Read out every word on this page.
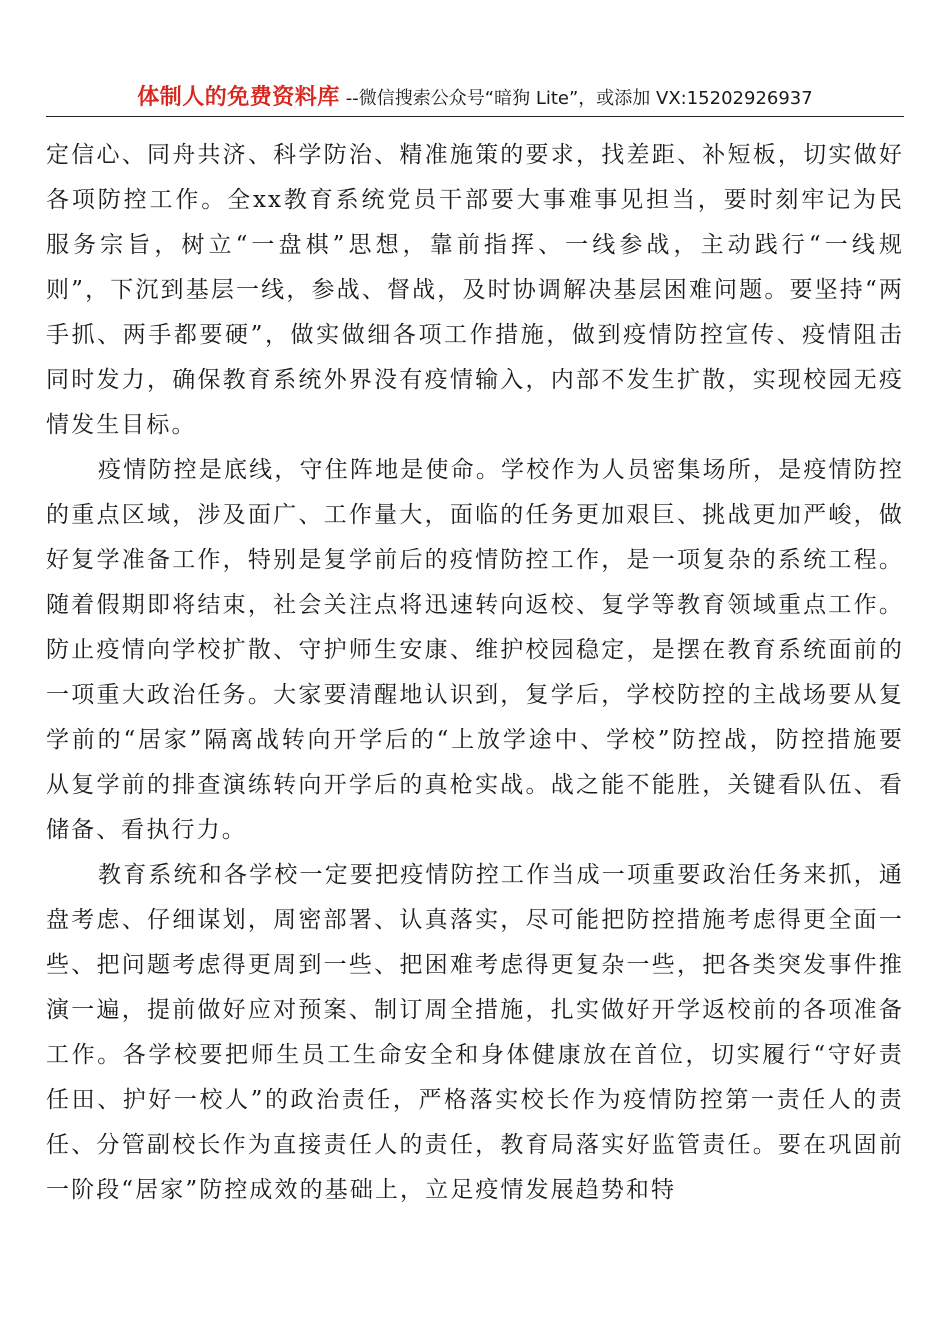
体制人的免费资料库 --微信搜索公众号“暗狗 Lite”，或添加 VX:15202926937

定信心、同舟共济、科学防治、精准施策的要求，找差距、补短板，切实做好各项防控工作。全xx教育系统党员干部要大事难事见担当，要时刻牢记为民服务宗旨，树立“一盘棋”思想，靠前指挥、一线参战，主动践行“一线规则”，下沉到基层一线，参战、督战，及时协调解决基层困难问题。要坚持“两手抓、两手都要硬”，做实做细各项工作措施，做到疫情防控宣传、疫情阻击同时发力，确保教育系统外界没有疫情输入，内部不发生扩散，实现校园无疫情发生目标。

疫情防控是底线，守住阵地是使命。学校作为人员密集场所，是疫情防控的重点区域，涉及面广、工作量大，面临的任务更加艰巨、挑战更加严峻，做好复学准备工作，特别是复学前后的疫情防控工作，是一项复杂的系统工程。随着假期即将结束，社会关注点将迅速转向返校、复学等教育领域重点工作。防止疫情向学校扩散、守护师生安康、维护校园稳定，是摆在教育系统面前的一项重大政治任务。大家要清醒地认识到，复学后，学校防控的主战场要从复学前的“居家”隔离战转向开学后的“上放学途中、学校”防控战，防控措施要从复学前的排查演练转向开学后的真枪实战。战之能不能胜，关键看队伍、看储备、看执行力。

教育系统和各学校一定要把疫情防控工作当成一项重要政治任务来抓，通盘考虑、仔细谋划，周密部署、认真落实，尽可能把防控措施考虑得更全面一些、把问题考虑得更周到一些、把困难考虑得更复杂一些，把各类突发事件推演一遍，提前做好应对预案、制订周全措施，扎实做好开学返校前的各项准备工作。各学校要把师生员工生命安全和身体健康放在首位，切实履行“守好责任田、护好一校人”的政治责任，严格落实校长作为疫情防控第一责任人的责任、分管副校长作为直接责任人的责任，教育局落实好监管责任。要在巩固前一阶段“居家”防控成效的基础上，立足疫情发展趋势和特
